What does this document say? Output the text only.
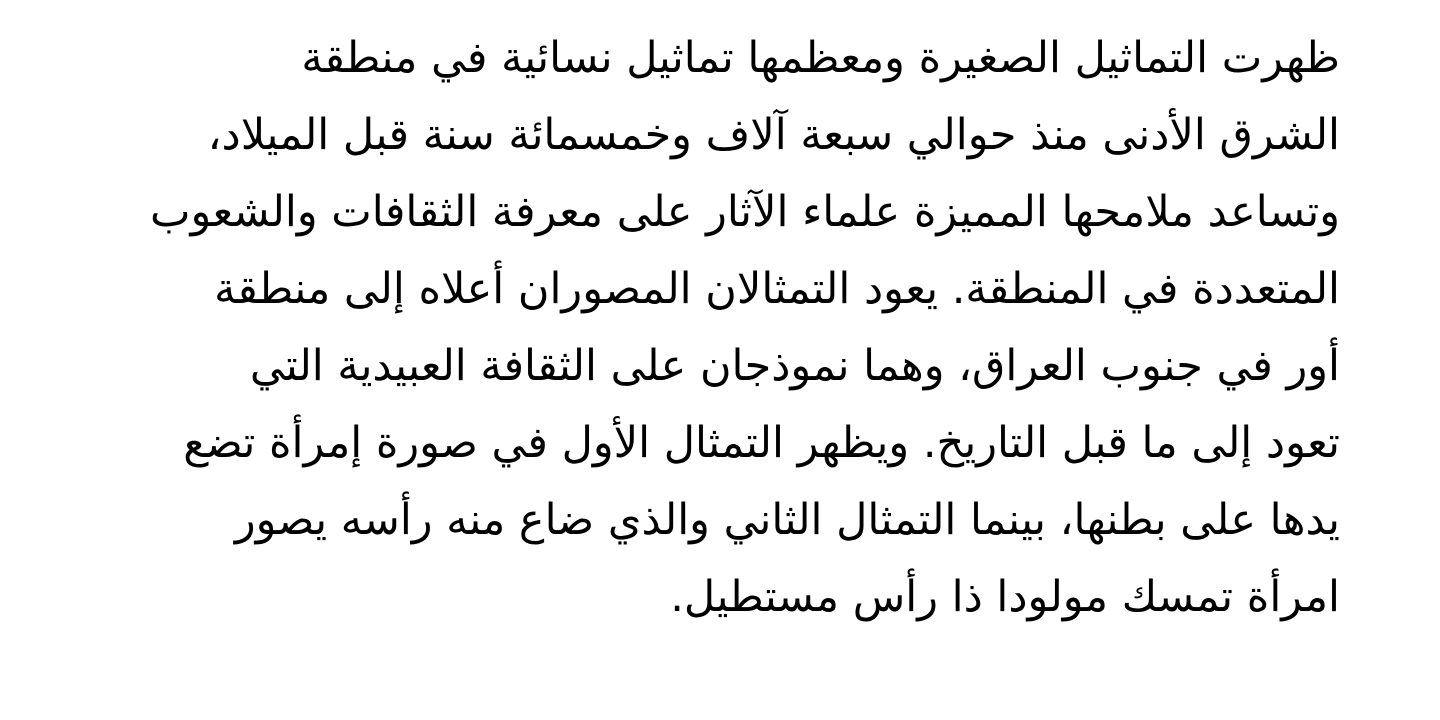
ظهرت التماثيل الصغيرة ومعظمها تماثيل نسائية في منطقة
الشرق الأدنى منذ حوالي سبعة آلاف وخمسمائة سنة قبل الميلاد،
وتساعد ملامحها المميزة علماء الآثار على معرفة الثقافات والشعوب
المتعددة في المنطقة. يعود التمثالان المصوران أعلاه إلى منطقة
أور في جنوب العراق، وهما نموذجان على الثقافة العبيدية التي
تعود إلى ما قبل التاريخ. ويظهر التمثال الأول في صورة إمرأة تضع
يدها على بطنها، بينما التمثال الثاني والذي ضاع منه رأسه يصور
امرأة تمسك مولودا ذا رأس مستطيل.
